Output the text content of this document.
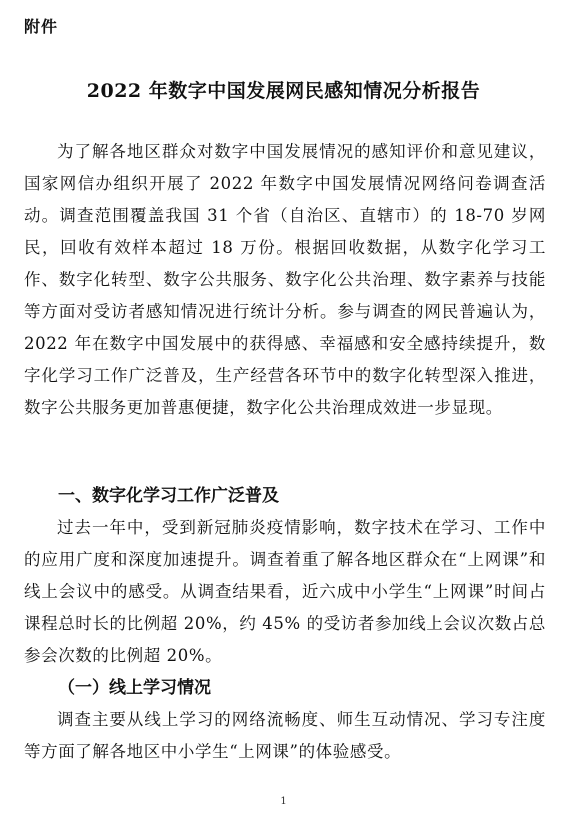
附件
2022 年数字中国发展网民感知情况分析报告

为了解各地区群众对数字中国发展情况的感知评价和意见建议，国家网信办组织开展了 2022 年数字中国发展情况网络问卷调查活动。调查范围覆盖我国 31 个省（自治区、直辖市）的 18-70 岁网民，回收有效样本超过 18 万份。根据回收数据，从数字化学习工作、数字化转型、数字公共服务、数字化公共治理、数字素养与技能等方面对受访者感知情况进行统计分析。参与调查的网民普遍认为，2022 年在数字中国发展中的获得感、幸福感和安全感持续提升，数字化学习工作广泛普及，生产经营各环节中的数字化转型深入推进，数字公共服务更加普惠便捷，数字化公共治理成效进一步显现。

一、数字化学习工作广泛普及

过去一年中，受到新冠肺炎疫情影响，数字技术在学习、工作中的应用广度和深度加速提升。调查着重了解各地区群众在“上网课”和线上会议中的感受。从调查结果看，近六成中小学生“上网课”时间占课程总时长的比例超 20%，约 45% 的受访者参加线上会议次数占总参会次数的比例超 20%。

（一）线上学习情况

调查主要从线上学习的网络流畅度、师生互动情况、学习专注度等方面了解各地区中小学生“上网课”的体验感受。

1
